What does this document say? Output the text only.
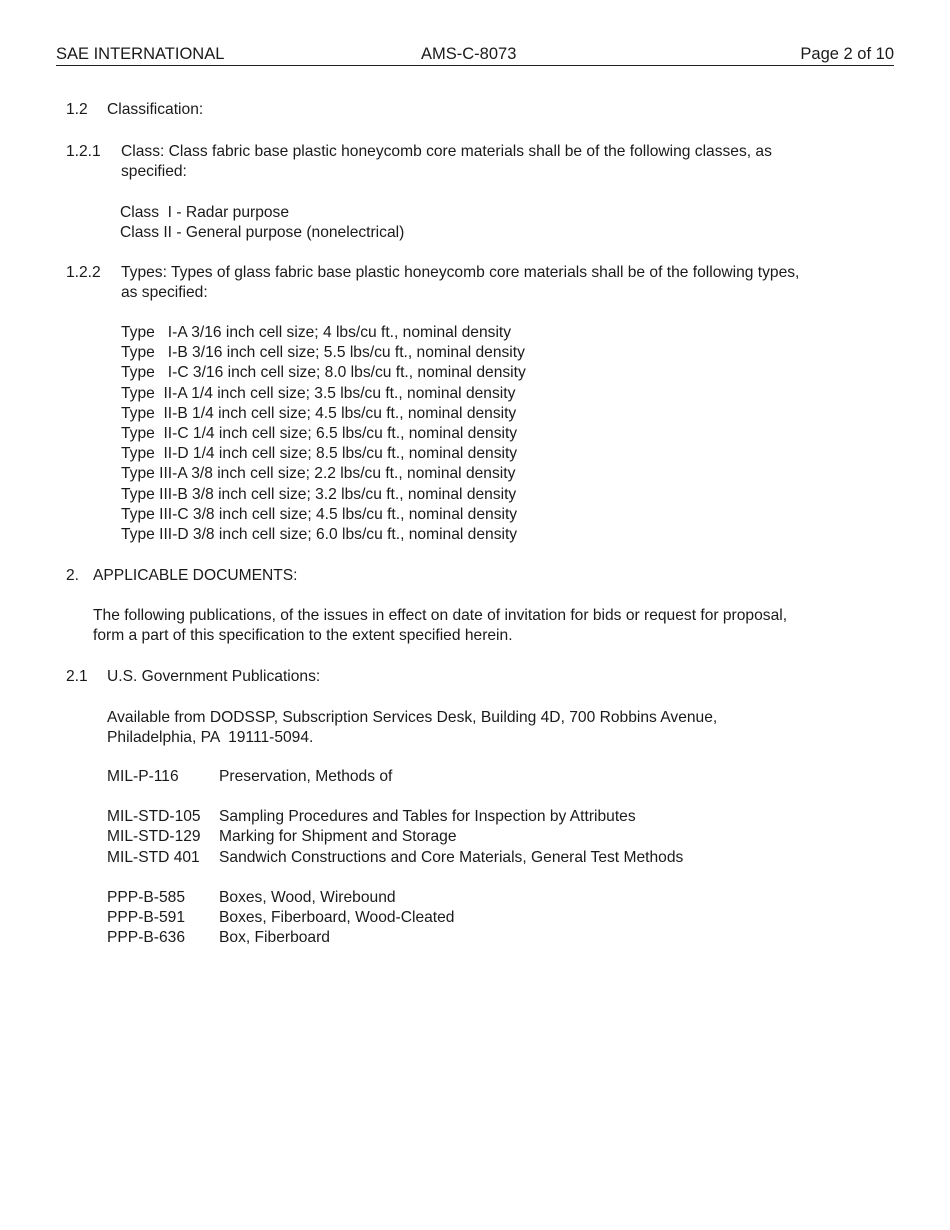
SAE INTERNATIONAL	AMS-C-8073	Page 2 of 10
1.2 Classification:
1.2.1 Class: Class fabric base plastic honeycomb core materials shall be of the following classes, as
specified:
Class  I - Radar purpose
Class II - General purpose (nonelectrical)
1.2.2 Types: Types of glass fabric base plastic honeycomb core materials shall be of the following types,
as specified:
Type   I-A 3/16 inch cell size; 4 lbs/cu ft., nominal density
Type   I-B 3/16 inch cell size; 5.5 lbs/cu ft., nominal density
Type   I-C 3/16 inch cell size; 8.0 lbs/cu ft., nominal density
Type  II-A 1/4 inch cell size; 3.5 lbs/cu ft., nominal density
Type  II-B 1/4 inch cell size; 4.5 lbs/cu ft., nominal density
Type  II-C 1/4 inch cell size; 6.5 lbs/cu ft., nominal density
Type  II-D 1/4 inch cell size; 8.5 lbs/cu ft., nominal density
Type III-A 3/8 inch cell size; 2.2 lbs/cu ft., nominal density
Type III-B 3/8 inch cell size; 3.2 lbs/cu ft., nominal density
Type III-C 3/8 inch cell size; 4.5 lbs/cu ft., nominal density
Type III-D 3/8 inch cell size; 6.0 lbs/cu ft., nominal density
2. APPLICABLE DOCUMENTS:
The following publications, of the issues in effect on date of invitation for bids or request for proposal,
form a part of this specification to the extent specified herein.
2.1 U.S. Government Publications:
Available from DODSSP, Subscription Services Desk, Building 4D, 700 Robbins Avenue,
Philadelphia, PA  19111-5094.
MIL-P-116	Preservation, Methods of
MIL-STD-105 Sampling Procedures and Tables for Inspection by Attributes
MIL-STD-129 Marking for Shipment and Storage
MIL-STD 401 Sandwich Constructions and Core Materials, General Test Methods
PPP-B-585 Boxes, Wood, Wirebound
PPP-B-591 Boxes, Fiberboard, Wood-Cleated
PPP-B-636 Box, Fiberboard
